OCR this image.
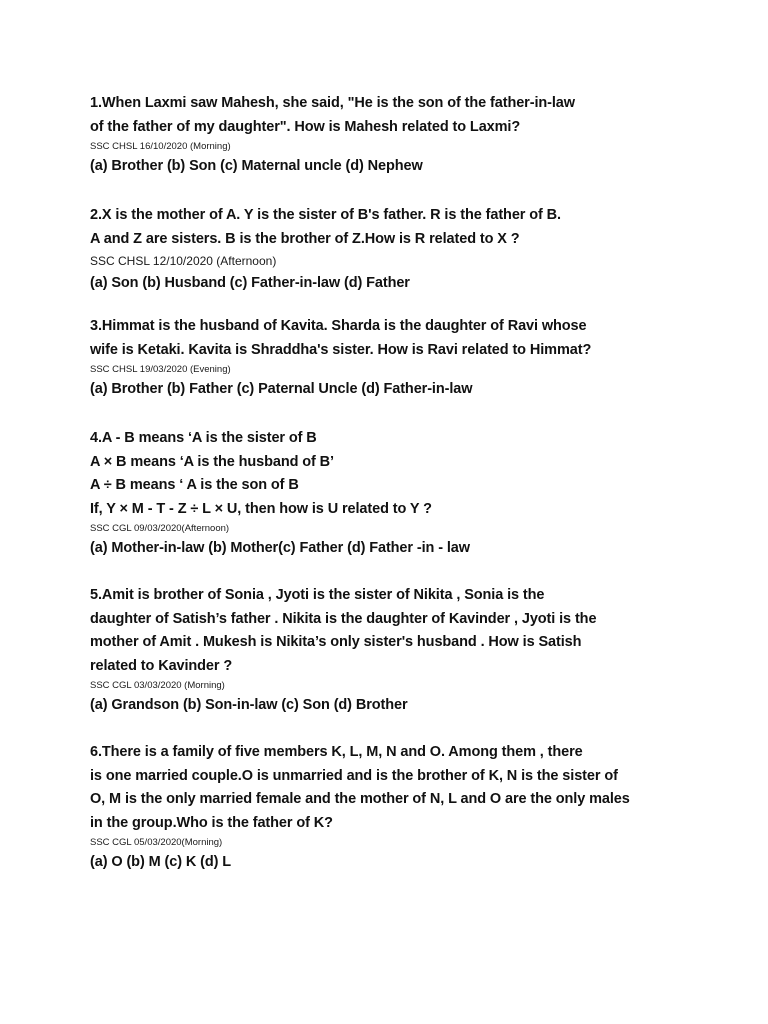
1.When Laxmi saw Mahesh, she said, "He is the son of the father-in-law
of the father of my daughter". How is Mahesh related to Laxmi?
SSC CHSL 16/10/2020 (Morning)
(a) Brother (b) Son (c) Maternal uncle (d) Nephew
2.X is the mother of A. Y is the sister of B's father. R is the father of B.
A and Z are sisters. B is the brother of Z.How is R related to X ?
SSC CHSL 12/10/2020 (Afternoon)
(a) Son (b) Husband (c) Father-in-law (d) Father
3.Himmat is the husband of Kavita. Sharda is the daughter of Ravi whose
wife is Ketaki. Kavita is Shraddha's sister. How is Ravi related to Himmat?
SSC CHSL 19/03/2020 (Evening)
(a) Brother (b) Father (c) Paternal Uncle (d) Father-in-law
4.A - B means ‘A is the sister of B
A × B means ‘A is the husband of B’
A ÷ B means ‘ A is the son of B
If, Y × M - T - Z ÷ L × U, then how is U related to Y ?
SSC CGL 09/03/2020(Afternoon)
(a) Mother-in-law (b) Mother(c) Father (d) Father -in - law
5.Amit is brother of Sonia , Jyoti is the sister of Nikita , Sonia is the
daughter of Satish’s father . Nikita is the daughter of Kavinder , Jyoti is the
mother of Amit . Mukesh is Nikita’s only sister's husband . How is Satish
related to Kavinder ?
SSC CGL 03/03/2020 (Morning)
(a) Grandson (b) Son-in-law (c) Son (d) Brother
6.There is a family of five members K, L, M, N and O. Among them , there
is one married couple.O is unmarried and is the brother of K, N is the sister of
O, M is the only married female and the mother of N, L and O are the only males
in the group.Who is the father of K?
SSC CGL 05/03/2020(Morning)
(a) O (b) M (c) K (d) L
